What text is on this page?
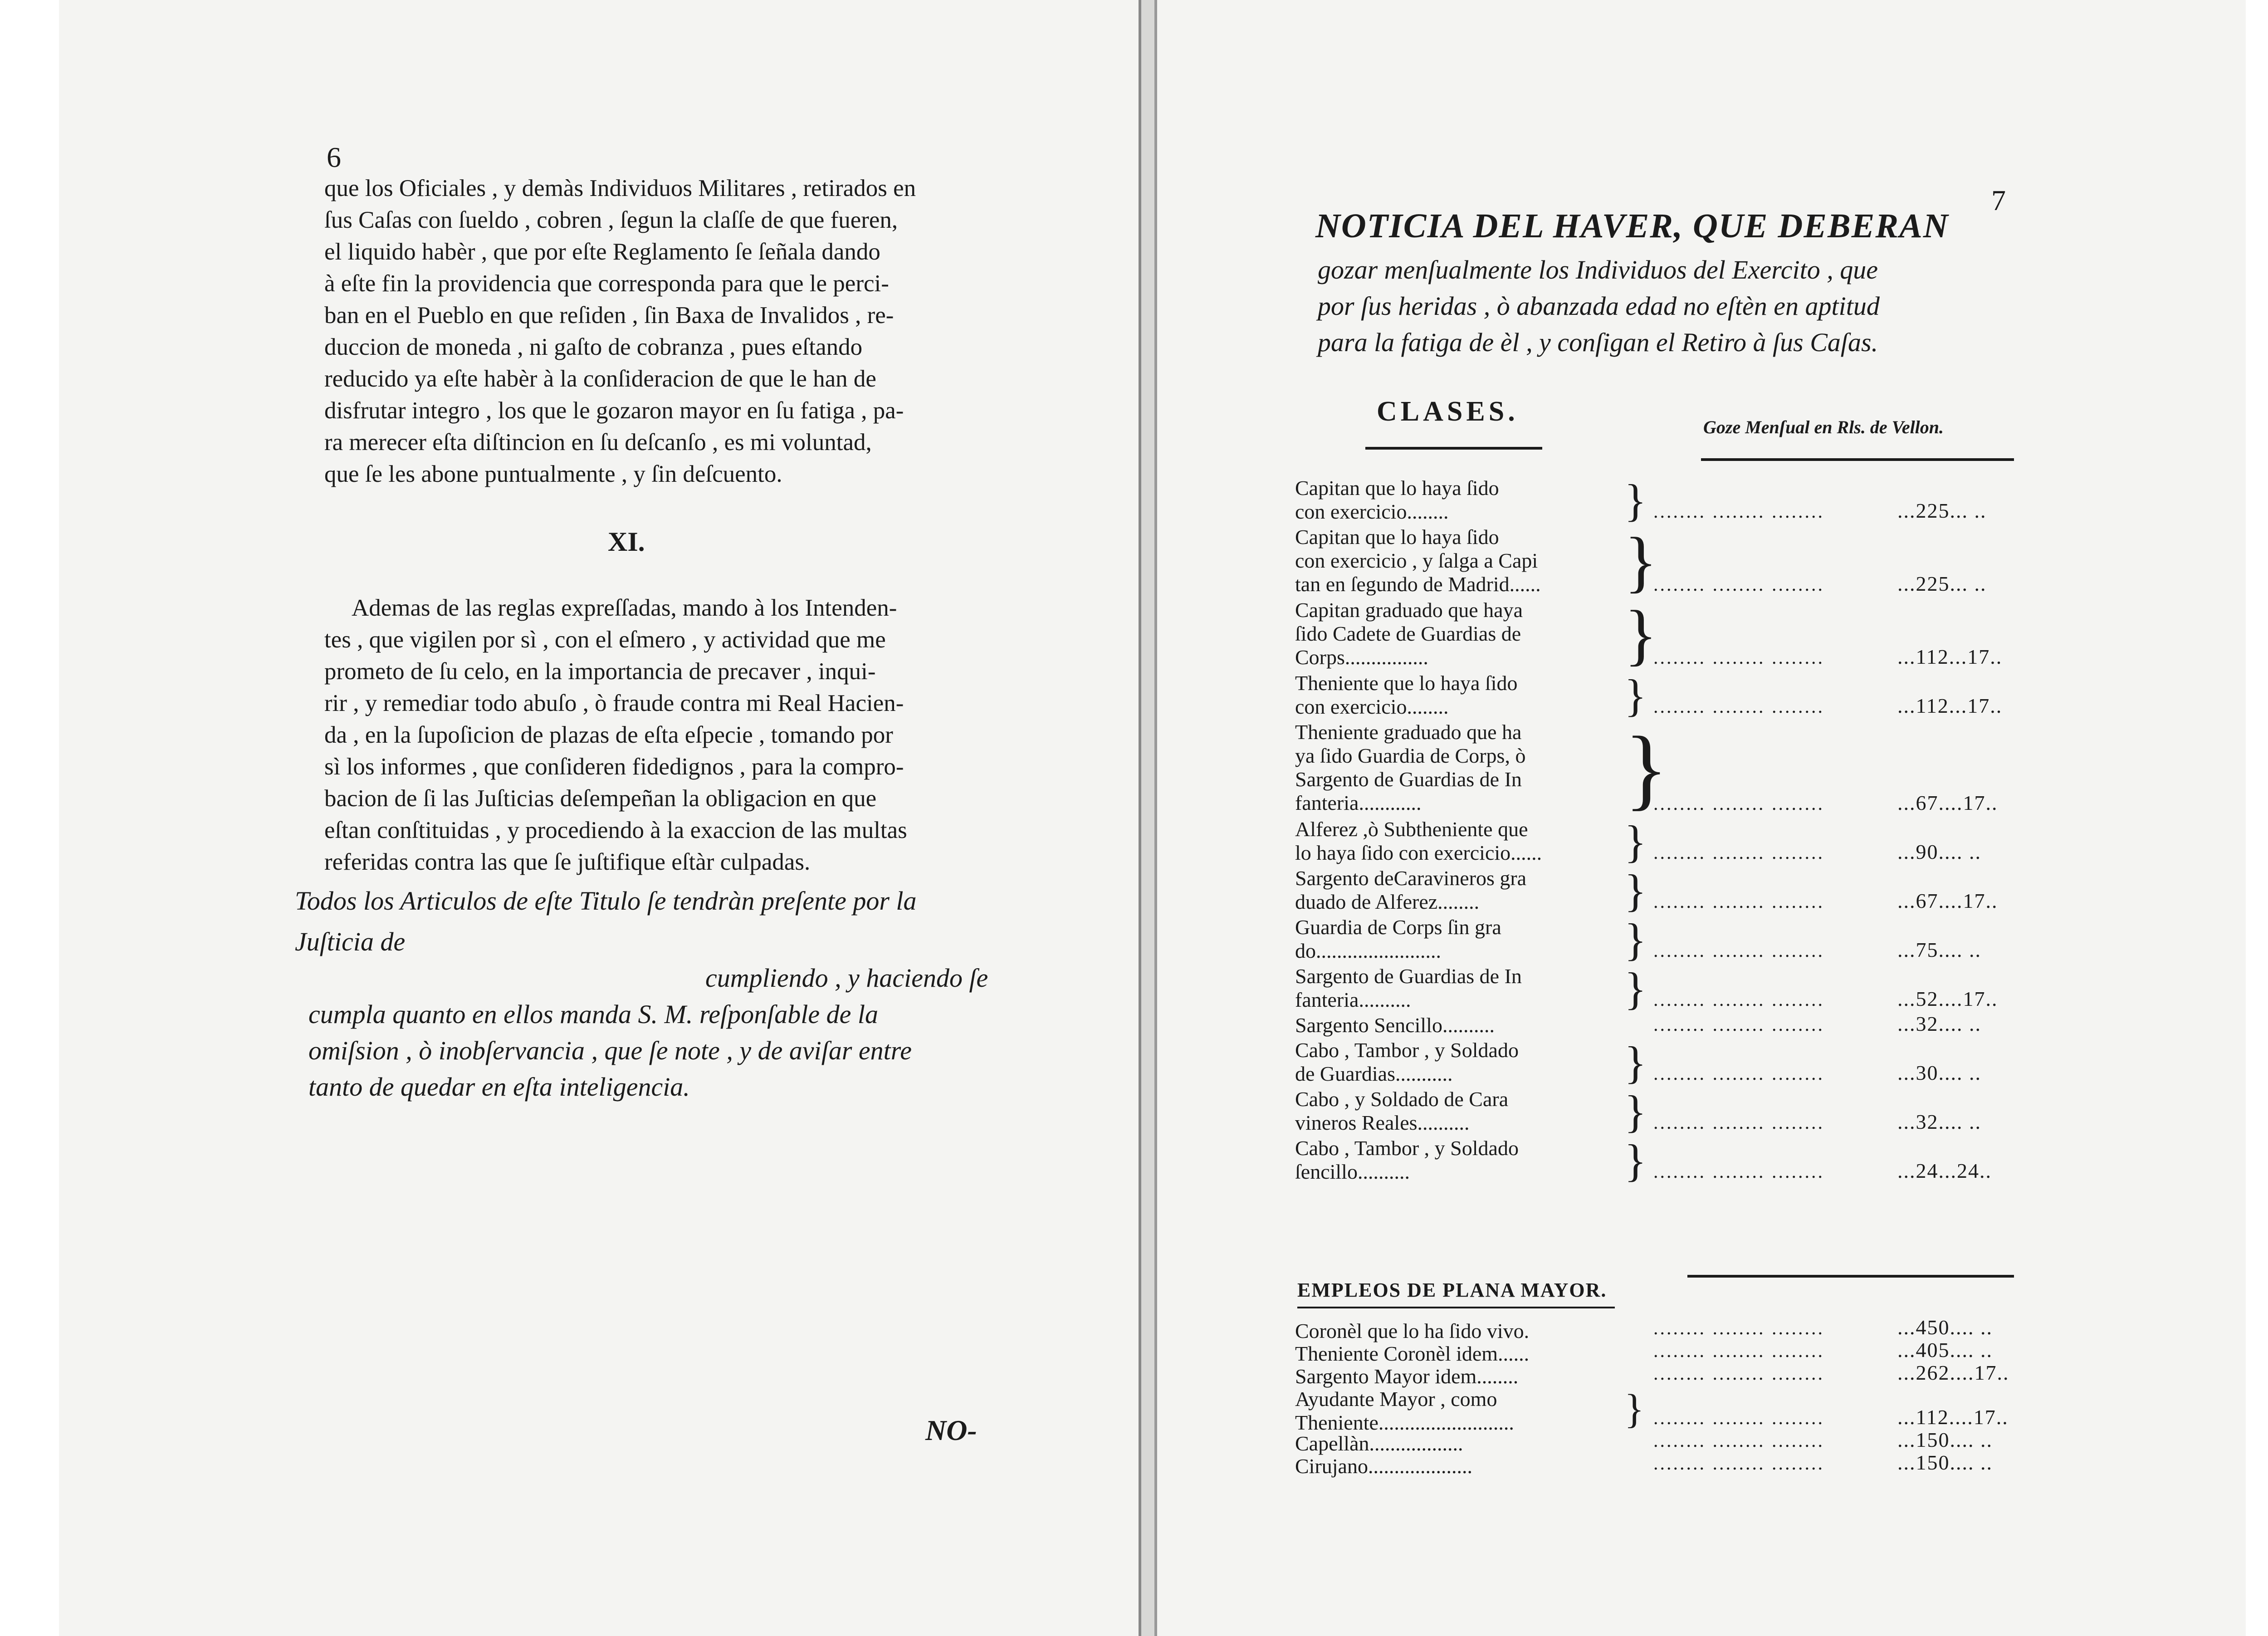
6
que los Oficiales , y demàs Individuos Militares , retirados en
ſus Caſas con ſueldo , cobren , ſegun la claſſe de que fueren,
el liquido habèr , que por eſte Reglamento ſe ſeñala dando
à eſte fin la providencia que corresponda para que le perci-
ban en el Pueblo en que reſiden , ſin Baxa de Invalidos , re-
duccion de moneda , ni gaſto de cobranza , pues eſtando
reducido ya eſte habèr à la conſideracion de que le han de
disfrutar integro , los que le gozaron mayor en ſu fatiga , pa-
ra merecer eſta diſtincion en ſu deſcanſo , es mi voluntad,
que ſe les abone puntualmente , y ſin deſcuento.
XI.
Ademas de las reglas expreſſadas, mando à los Intenden-
tes , que vigilen por sì , con el eſmero , y actividad que me
prometo de ſu celo, en la importancia de precaver , inqui-
rir , y remediar todo abuſo , ò fraude contra mi Real Hacien-
da , en la ſupoſicion de plazas de eſta eſpecie , tomando por
sì los informes , que conſideren fidedignos , para la compro-
bacion de ſi las Juſticias deſempeñan la obligacion en que
eſtan conſtituidas , y procediendo à la exaccion de las multas
referidas contra las que ſe juſtifique eſtàr culpadas.
Todos los Articulos de eſte Titulo ſe tendràn preſente por la
Juſticia de
cumpliendo , y haciendo ſe
cumpla quanto en ellos manda S. M. reſponſable de la
omiſsion , ò inobſervancia , que ſe note , y de aviſar entre
tanto de quedar en eſta inteligencia.
NO-
7
NOTICIA DEL HAVER, QUE DEBERAN
gozar menſualmente los Individuos del Exercito , que
por ſus heridas , ò abanzada edad no eſtèn en aptitud
para la fatiga de èl , y conſigan el Retiro à ſus Caſas.
CLASES.
Goze Menſual en Rls. de Vellon.
Capitan que lo haya ſido
con exercicio........	} ........ ........ ........	...225... ..
Capitan que lo haya ſido
con exercicio , y ſalga a Capi
tan en ſegundo de Madrid......	}
........ ........ ........	...225... ..
Capitan graduado que haya
ſido Cadete de Guardias de
Corps................	}
........ ........ ........	...112...17..
Theniente que lo haya ſido
con exercicio........	} ........ ........ ........	...112...17..
Theniente graduado que ha
ya ſido Guardia de Corps, ò
Sargento de Guardias de In
fanteria............	}
........ ........ ........	...67....17..
Alferez ,ò Subtheniente que
lo haya ſido con exercicio......	} ........ ........ ........	...90.... ..
Sargento deCaravineros gra
duado de Alferez........	} ........ ........ ........	...67....17..
Guardia de Corps ſin gra
do........................	} ........ ........ ........	...75.... ..
Sargento de Guardias de In
fanteria..........	} ........ ........ ........	...52....17..
Sargento Sencillo..........	........ ........ ........	...32.... ..
Cabo , Tambor , y Soldado
de Guardias...........	} ........ ........ ........	...30.... ..
Cabo , y Soldado de Cara
vineros Reales..........	} ........ ........ ........	...32.... ..
Cabo , Tambor , y Soldado
ſencillo..........	} ........ ........ ........	...24...24..
EMPLEOS DE PLANA MAYOR.
Coronèl que lo ha ſido vivo.	........ ........ ........	...450.... ..
Theniente Coronèl idem......	........ ........ ........	...405.... ..
Sargento Mayor idem........	........ ........ ........	...262....17..
Ayudante Mayor , como
Theniente..........................	} ........ ........ ........	...112....17..
Capellàn..................	........ ........ ........	...150.... ..
Cirujano....................	........ ........ ........	...150.... ..
